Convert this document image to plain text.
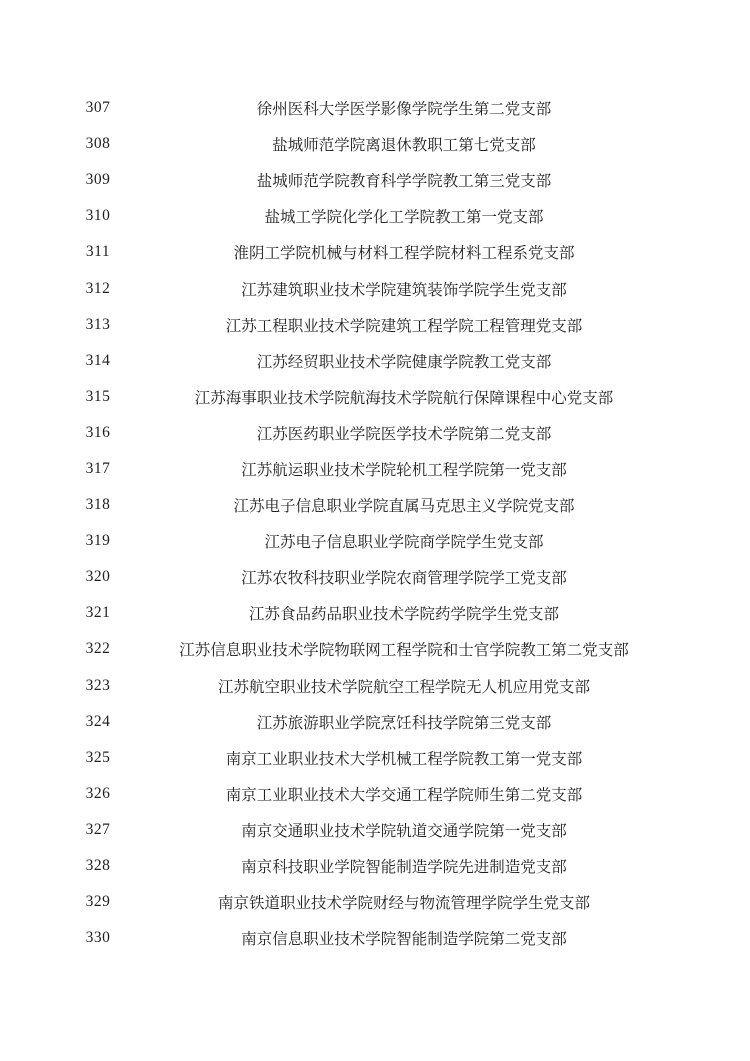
307	徐州医科大学医学影像学院学生第二党支部
308	盐城师范学院离退休教职工第七党支部
309	盐城师范学院教育科学学院教工第三党支部
310	盐城工学院化学化工学院教工第一党支部
311	淮阴工学院机械与材料工程学院材料工程系党支部
312	江苏建筑职业技术学院建筑装饰学院学生党支部
313	江苏工程职业技术学院建筑工程学院工程管理党支部
314	江苏经贸职业技术学院健康学院教工党支部
315	江苏海事职业技术学院航海技术学院航行保障课程中心党支部
316	江苏医药职业学院医学技术学院第二党支部
317	江苏航运职业技术学院轮机工程学院第一党支部
318	江苏电子信息职业学院直属马克思主义学院党支部
319	江苏电子信息职业学院商学院学生党支部
320	江苏农牧科技职业学院农商管理学院学工党支部
321	江苏食品药品职业技术学院药学院学生党支部
322	江苏信息职业技术学院物联网工程学院和士官学院教工第二党支部
323	江苏航空职业技术学院航空工程学院无人机应用党支部
324	江苏旅游职业学院烹饪科技学院第三党支部
325	南京工业职业技术大学机械工程学院教工第一党支部
326	南京工业职业技术大学交通工程学院师生第二党支部
327	南京交通职业技术学院轨道交通学院第一党支部
328	南京科技职业学院智能制造学院先进制造党支部
329	南京铁道职业技术学院财经与物流管理学院学生党支部
330	南京信息职业技术学院智能制造学院第二党支部
